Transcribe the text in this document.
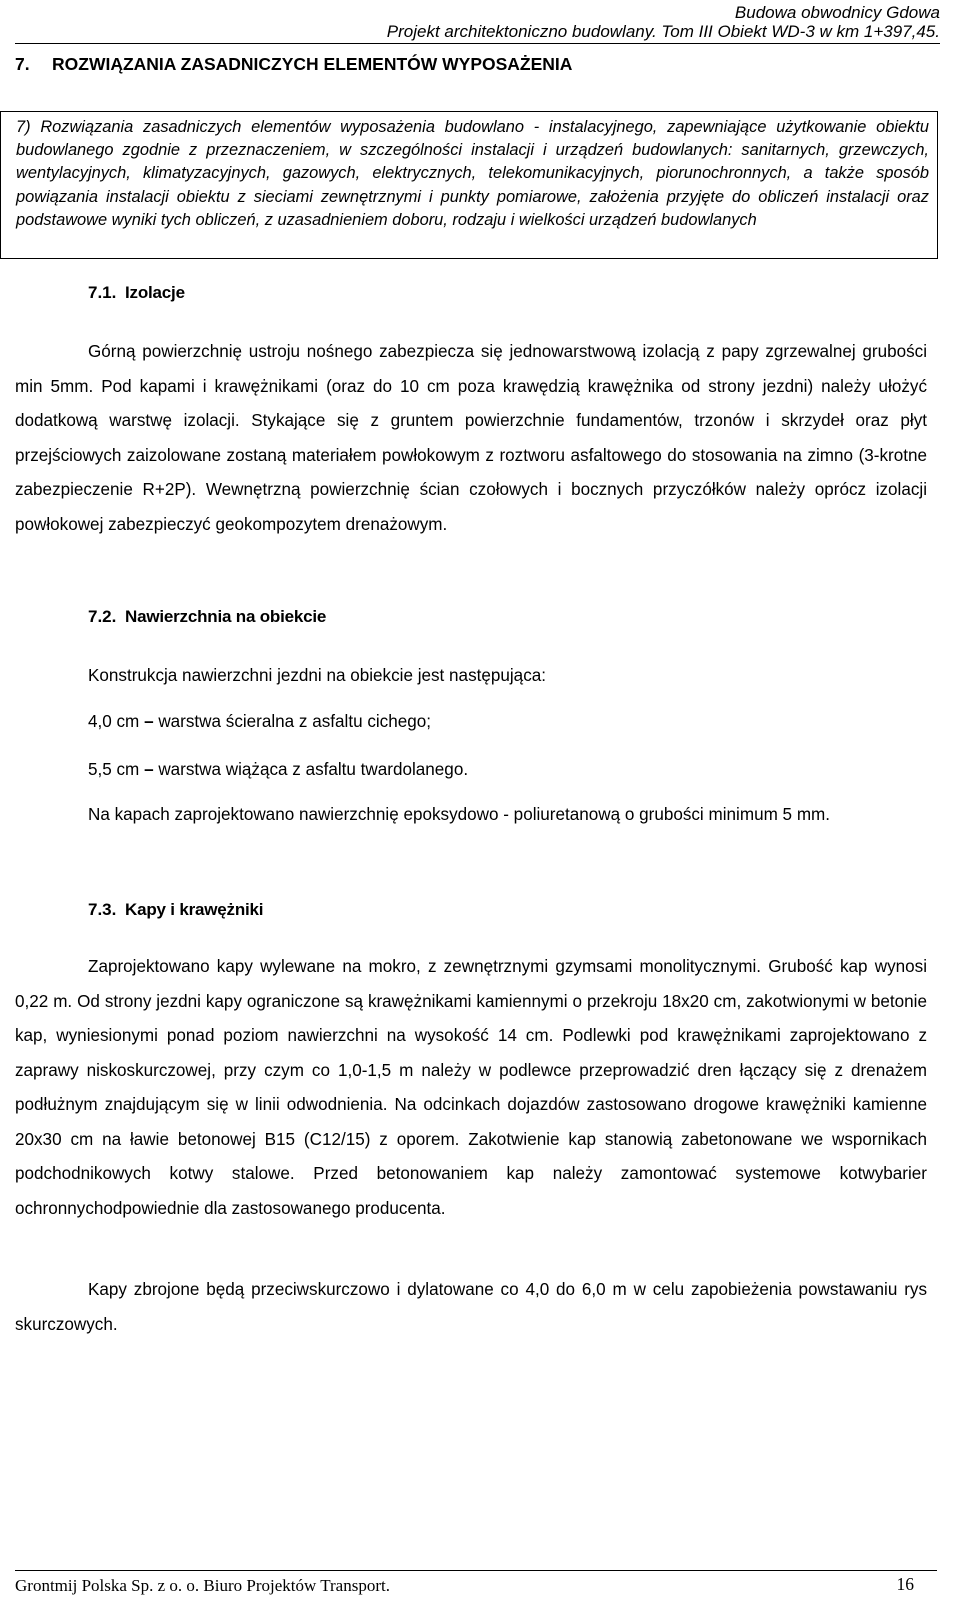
Budowa obwodnicy Gdowa
Projekt architektoniczno budowlany. Tom III Obiekt WD-3 w km 1+397,45.
7. ROZWIĄZANIA ZASADNICZYCH ELEMENTÓW WYPOSAŻENIA

7) Rozwiązania zasadniczych elementów wyposażenia budowlano - instalacyjnego, zapewniające użytkowanie obiektu budowlanego zgodnie z przeznaczeniem, w szczególności instalacji i urządzeń budowlanych: sanitarnych, grzewczych, wentylacyjnych, klimatyzacyjnych, gazowych, elektrycznych, telekomunikacyjnych, piorunochronnych, a także sposób powiązania instalacji obiektu z sieciami zewnętrznymi i punkty pomiarowe, założenia przyjęte do obliczeń instalacji oraz podstawowe wyniki tych obliczeń, z uzasadnieniem doboru, rodzaju i wielkości urządzeń budowlanych

7.1. Izolacje

Górną powierzchnię ustroju nośnego zabezpiecza się jednowarstwową izolacją z papy zgrzewalnej grubości min 5mm. Pod kapami i krawężnikami (oraz do 10 cm poza krawędzią krawężnika od strony jezdni) należy ułożyć dodatkową warstwę izolacji. Stykające się z gruntem powierzchnie fundamentów, trzonów i skrzydeł oraz płyt przejściowych zaizolowane zostaną materiałem powłokowym z roztworu asfaltowego do stosowania na zimno (3-krotne zabezpieczenie R+2P). Wewnętrzną powierzchnię ścian czołowych i bocznych przyczółków należy oprócz izolacji powłokowej zabezpieczyć geokompozytem drenażowym.

7.2. Nawierzchnia na obiekcie
Konstrukcja nawierzchni jezdni na obiekcie jest następująca:
4,0 cm – warstwa ścieralna z asfaltu cichego;
5,5 cm – warstwa wiążąca z asfaltu twardolanego.

Na kapach zaprojektowano nawierzchnię epoksydowo - poliuretanową o grubości minimum 5 mm.

7.3. Kapy i krawężniki

Zaprojektowano kapy wylewane na mokro, z zewnętrznymi gzymsami monolitycznymi. Grubość kap wynosi 0,22 m. Od strony jezdni kapy ograniczone są krawężnikami kamiennymi o przekroju 18x20 cm, zakotwionymi w betonie kap, wyniesionymi ponad poziom nawierzchni na wysokość 14 cm. Podlewki pod krawężnikami zaprojektowano z zaprawy niskoskurczowej, przy czym co 1,0-1,5 m należy w podlewce przeprowadzić dren łączący się z drenażem podłużnym znajdującym się w linii odwodnienia. Na odcinkach dojazdów zastosowano drogowe krawężniki kamienne 20x30 cm na ławie betonowej B15 (C12/15) z oporem. Zakotwienie kap stanowią zabetonowane we wspornikach podchodnikowych kotwy stalowe. Przed betonowaniem kap należy zamontować systemowe kotwybarier ochronnychodpowiednie dla zastosowanego producenta.

Kapy zbrojone będą przeciwskurczowo i dylatowane co 4,0 do 6,0 m w celu zapobieżenia powstawaniu rys skurczowych.

Grontmij Polska Sp. z o. o. Biuro Projektów Transport.	16
